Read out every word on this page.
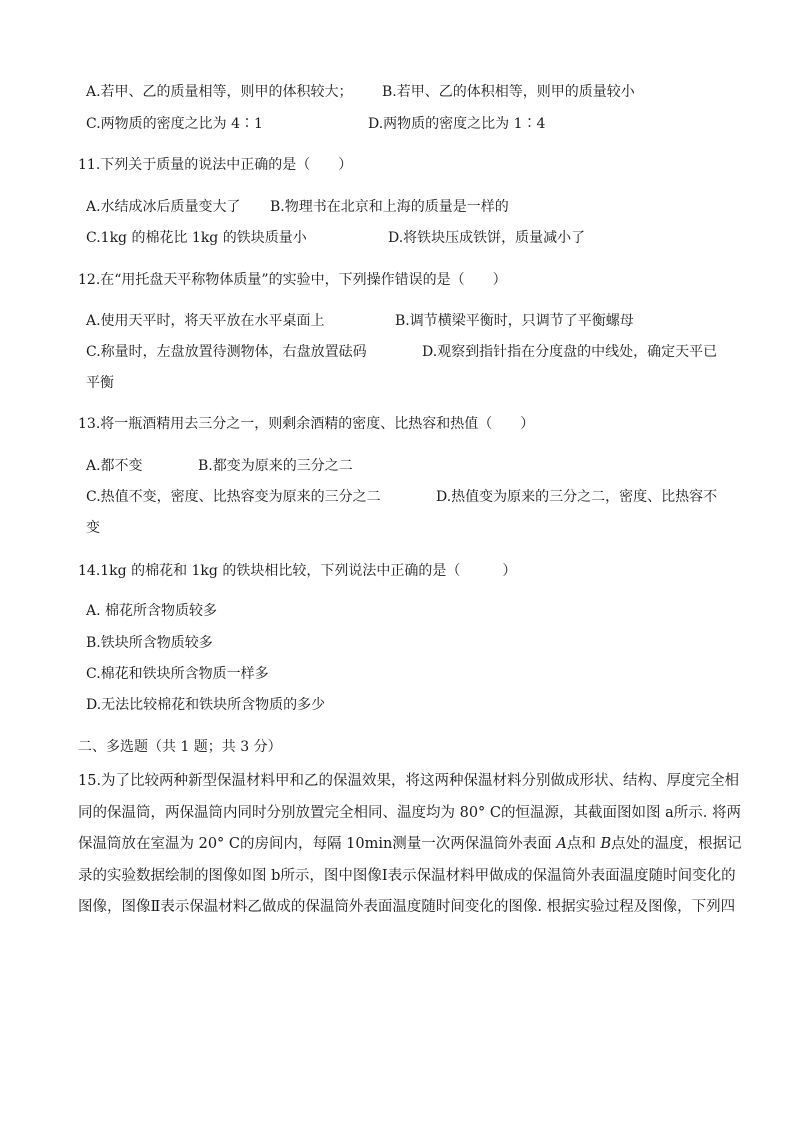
A.若甲、乙的质量相等，则甲的体积较大； B.若甲、乙的体积相等，则甲的质量较小
C.两物质的密度之比为 4∶1	D.两物质的密度之比为 1∶4
11.下列关于质量的说法中正确的是（　　）
A.水结成冰后质量变大了 B.物理书在北京和上海的质量是一样的
C.1kg 的棉花比 1kg 的铁块质量小	D.将铁块压成铁饼，质量减小了
12.在“用托盘天平称物体质量”的实验中，下列操作错误的是（　　）
A.使用天平时，将天平放在水平桌面上	B.调节横梁平衡时，只调节了平衡螺母
C.称量时，左盘放置待测物体，右盘放置砝码	D.观察到指针指在分度盘的中线处，确定天平已
平衡
13.将一瓶酒精用去三分之一，则剩余酒精的密度、比热容和热值（　　）
A.都不变	B.都变为原来的三分之二
C.热值不变，密度、比热容变为原来的三分之二	D.热值变为原来的三分之二，密度、比热容不
变
14.1kg 的棉花和 1kg 的铁块相比较，下列说法中正确的是（　　　）
A. 棉花所含物质较多
B.铁块所含物质较多
C.棉花和铁块所含物质一样多
D.无法比较棉花和铁块所含物质的多少
二、多选题（共 1 题；共 3 分）
15.为了比较两种新型保温材料甲和乙的保温效果，将这两种保温材料分别做成形状、结构、厚度完全相
同的保温筒，两保温筒内同时分别放置完全相同、温度均为 80° C的恒温源，其截面图如图 a所示. 将两
保温筒放在室温为 20° C的房间内，每隔 10min测量一次两保温筒外表面 A点和 B点处的温度，根据记
录的实验数据绘制的图像如图 b所示，图中图像Ⅰ表示保温材料甲做成的保温筒外表面温度随时间变化的
图像，图像Ⅱ表示保温材料乙做成的保温筒外表面温度随时间变化的图像. 根据实验过程及图像，下列四
